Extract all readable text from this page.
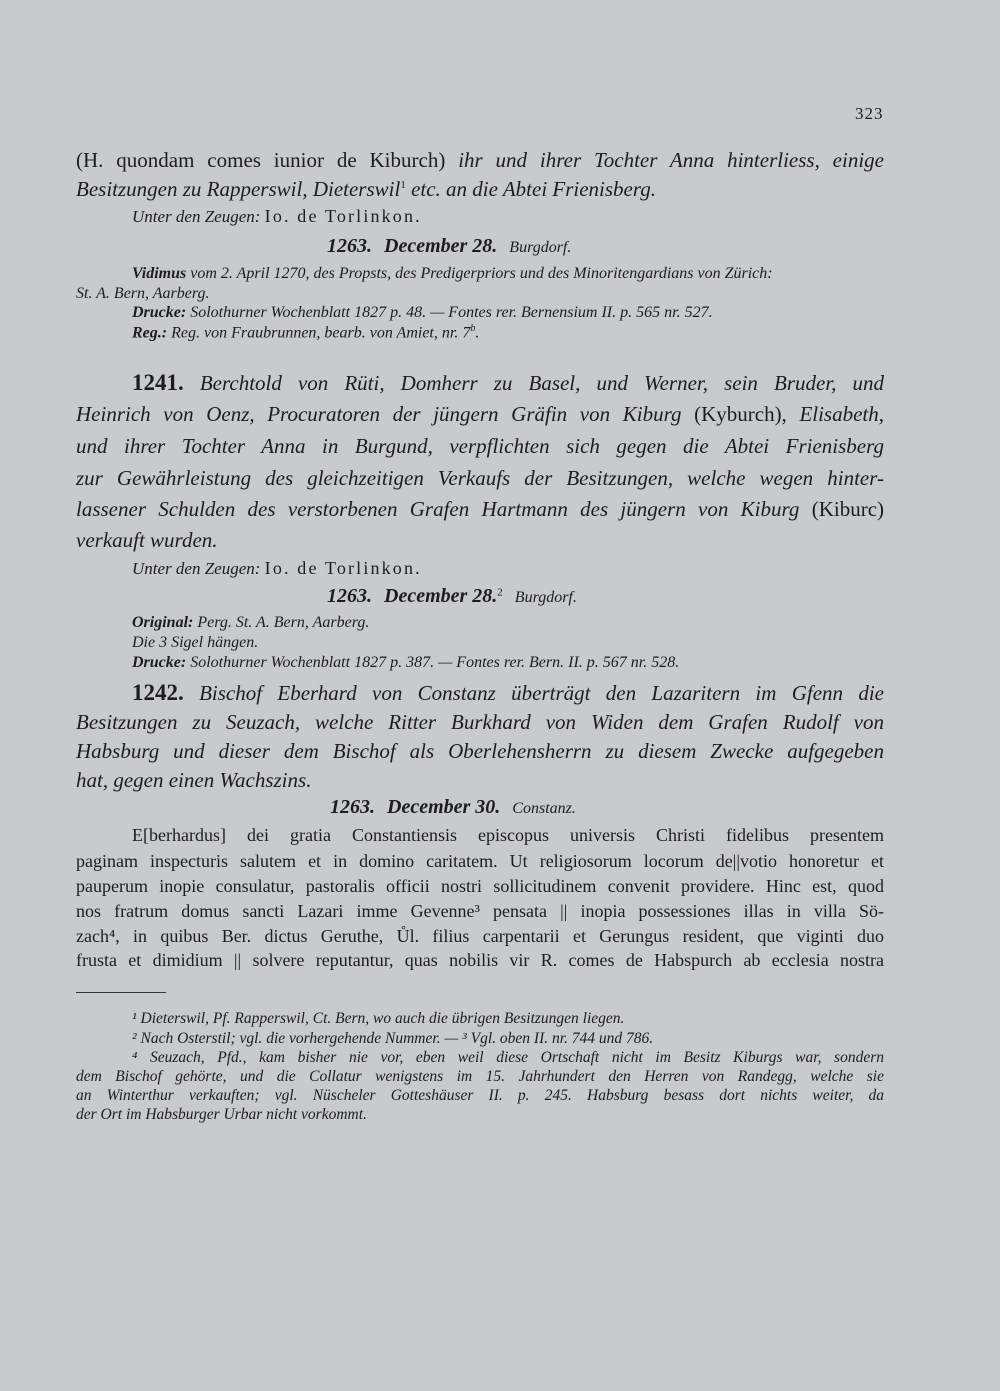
323
(H. quondam comes iunior de Kiburch) ihr und ihrer Tochter Anna hinterliess, einige
Besitzungen zu Rapperswil, Dieterswil$^1$ etc. an die Abtei Frienisberg.
Unter den Zeugen: Io. de Torlinkon.
1263. December 28. Burgdorf.
Vidimus vom 2. April 1270, des Propsts, des Predigerpriors und des Minoritengardians von Zürich:
St. A. Bern, Aarberg.
Drucke: Solothurner Wochenblatt 1827 p. 48. — Fontes rer. Bernensium II. p. 565 nr. 527.
Reg.: Reg. von Fraubrunnen, bearb. von Amiet, nr. 7$^b$.
1241. Berchtold von Rüti, Domherr zu Basel, und Werner, sein Bruder, und
Heinrich von Oenz, Procuratoren der jüngern Gräfin von Kiburg (Kyburch), Elisabeth,
und ihrer Tochter Anna in Burgund, verpflichten sich gegen die Abtei Frienisberg
zur Gewährleistung des gleichzeitigen Verkaufs der Besitzungen, welche wegen hinter-
lassener Schulden des verstorbenen Grafen Hartmann des jüngern von Kiburg (Kiburc)
verkauft wurden.
Unter den Zeugen: Io. de Torlinkon.
1263. December 28.$^2$ Burgdorf.
Original: Perg. St. A. Bern, Aarberg.
Die 3 Sigel hängen.
Drucke: Solothurner Wochenblatt 1827 p. 387. — Fontes rer. Bern. II. p. 567 nr. 528.
1242. Bischof Eberhard von Constanz überträgt den Lazaritern im Gfenn die
Besitzungen zu Seuzach, welche Ritter Burkhard von Widen dem Grafen Rudolf von
Habsburg und dieser dem Bischof als Oberlehensherrn zu diesem Zwecke aufgegeben
hat, gegen einen Wachszins.
1263. December 30. Constanz.
E[berhardus] dei gratia Constantiensis episcopus universis Christi fidelibus presentem
paginam inspecturis salutem et in domino caritatem. Ut religiosorum locorum de||votio honoretur et
pauperum inopie consulatur, pastoralis officii nostri sollicitudinem convenit providere. Hinc est, quod
nos fratrum domus sancti Lazari imme Gevenne³ pensata || inopia possessiones illas in villa Sö-
zach⁴, in quibus Ber. dictus Geruthe, Ůl. filius carpentarii et Gerungus resident, que viginti duo
frusta et dimidium || solvere reputantur, quas nobilis vir R. comes de Habspurch ab ecclesia nostra
¹ Dieterswil, Pf. Rapperswil, Ct. Bern, wo auch die übrigen Besitzungen liegen.
² Nach Osterstil; vgl. die vorhergehende Nummer. — ³ Vgl. oben II. nr. 744 und 786.
⁴ Seuzach, Pfd., kam bisher nie vor, eben weil diese Ortschaft nicht im Besitz Kiburgs war, sondern
dem Bischof gehörte, und die Collatur wenigstens im 15. Jahrhundert den Herren von Randegg, welche sie
an Winterthur verkauften; vgl. Nüscheler Gotteshäuser II. p. 245. Habsburg besass dort nichts weiter, da
der Ort im Habsburger Urbar nicht vorkommt.
